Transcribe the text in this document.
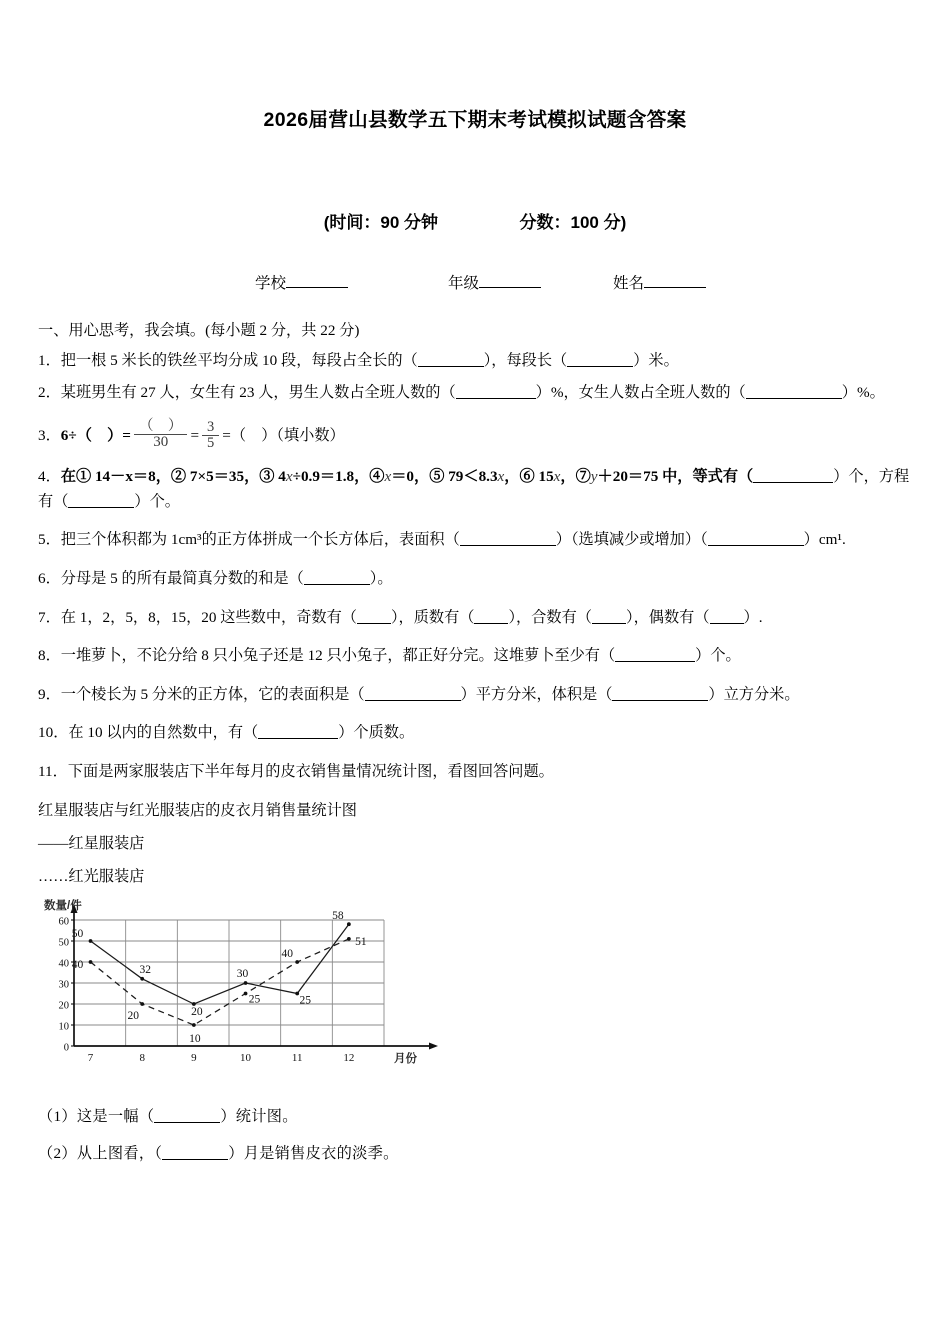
2026届营山县数学五下期末考试模拟试题含答案
(时间：90 分钟	分数：100 分)
学校	年级	姓名
一、用心思考，我会填。(每小题 2 分，共 22 分)
1．把一根 5 米长的铁丝平均分成 10 段，每段占全长的（	），每段长（	）米。
2．某班男生有 27 人，女生有 23 人，男生人数占全班人数的（	）%，女生人数占全班人数的（	）%。
3． 6÷（　）= $\frac{( )}{30} = \frac{3}{5}$ =（　）（填小数）
4．在① 14－x＝8，② 7×5＝35，③ 4x÷0.9＝1.8，④x＝0，⑤ 79＜8.3x，⑥ 15x，⑦y＋20＝75 中，等式有（	）个，方程有（	）个。
5．把三个体积都为 1cm³的正方体拼成一个长方体后，表面积（	）（选填减少或增加）（	）cm¹.
6．分母是 5 的所有最简真分数的和是（	）。
7．在 1，2，5，8，15，20 这些数中，奇数有（ ），质数有（ ），合数有（ ），偶数有（ ）.
8．一堆萝卜，不论分给 8 只小兔子还是 12 只小兔子，都正好分完。这堆萝卜至少有（	）个。
9．一个棱长为 5 分米的正方体，它的表面积是（	）平方分米，体积是（	）立方分米。
10．在 10 以内的自然数中，有（	）个质数。
11．下面是两家服装店下半年每月的皮衣销售量情况统计图，看图回答问题。
红星服装店与红光服装店的皮衣月销售量统计图
——红星服装店
……红光服装店
0
10
20
30
40
50
60
7	8	9	10	11	12
数量/件
月份
50
32
20
30
25
58
40
20
10
25
40
51
（1）这是一幅（	）统计图。
（2）从上图看，（	）月是销售皮衣的淡季。
